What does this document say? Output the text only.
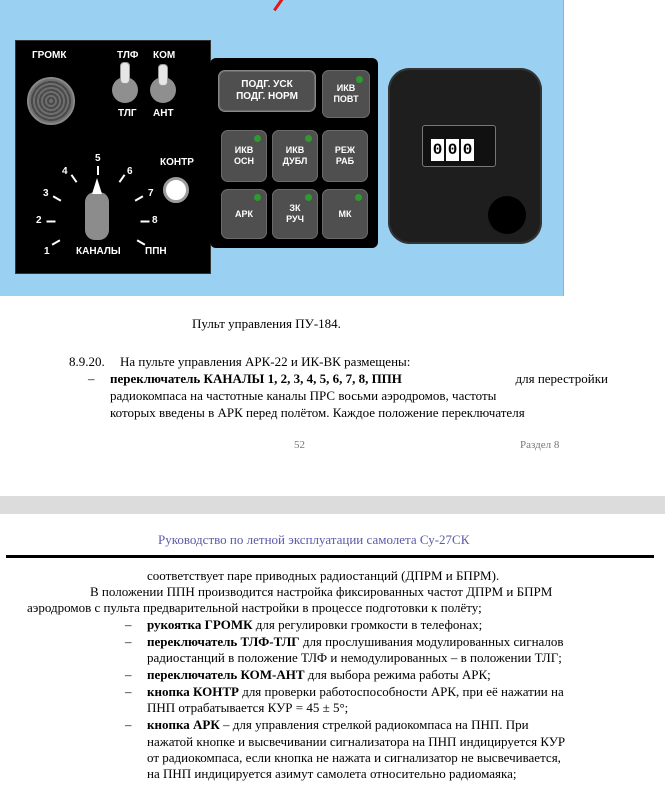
ГРОМК	ТЛФ
ТЛГ
КОМ
АНТ
КОНТР
5
4	6
3	7
2	8
1	КАНАЛЫ ППН
ПОДГ. УСК
ПОДГ. НОРМ
ИКВ
ПОВТ
ИКВ
ОСН
ИКВ
ДУБЛ
РЕЖ
РАБ
АРК
ЗК
РУЧ
МК
0 0 0
Пульт управления ПУ-184.
8.9.20. На пульте управления АРК-22 и ИК-ВК размещены:
– переключатель КАНАЛЫ 1, 2, 3, 4, 5, 6, 7, 8, ППН	для перестройки
радиокомпаса на частотные каналы ПРС восьми аэродромов, частоты
которых введены в АРК перед полётом. Каждое положение переключателя
52	Раздел 8
Руководство по летной эксплуатации самолета Су-27СК
соответствует паре приводных радиостанций (ДПРМ и БПРМ).
В положении ППН производится настройка фиксированных частот ДПРМ и БПРМ
аэродромов с пульта предварительной настройки в процессе подготовки к полёту;
– рукоятка ГРОМК для регулировки громкости в телефонах;
– переключатель ТЛФ-ТЛГ для прослушивания модулированных сигналов
радиостанций в положение ТЛФ и немодулированных – в положении ТЛГ;
– переключатель КОМ-АНТ для выбора режима работы АРК;
– кнопка КОНТР для проверки работоспособности АРК, при её нажатии на
ПНП отрабатывается КУР = 45 ± 5°;
– кнопка АРК – для управления стрелкой радиокомпаса на ПНП. При
нажатой кнопке и высвечивании сигнализатора на ПНП индицируется КУР
от радиокомпаса, если кнопка не нажата и сигнализатор не высвечивается,
на ПНП индицируется азимут самолета относительно радиомаяка;
